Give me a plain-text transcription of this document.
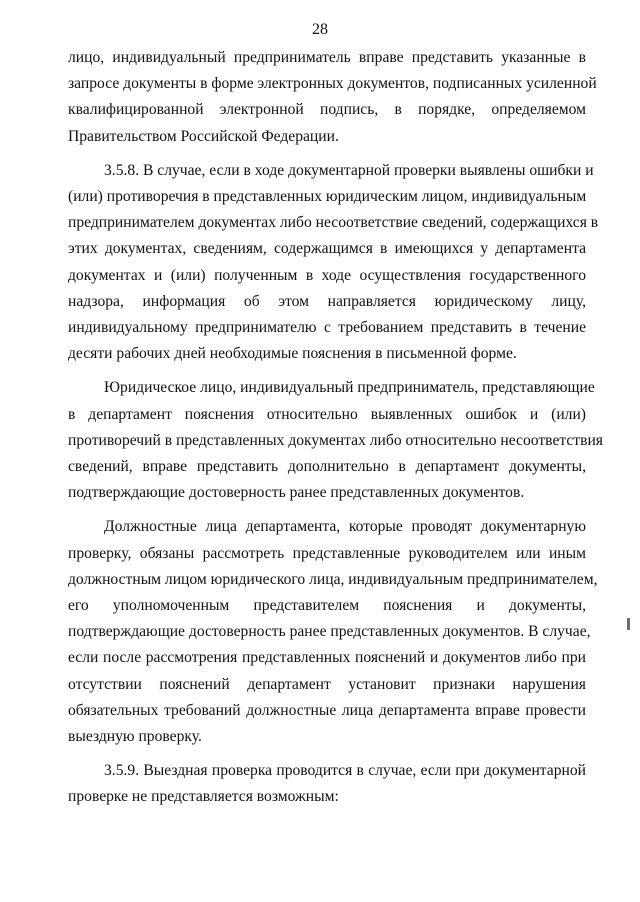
28
лицо, индивидуальный предприниматель вправе представить указанные в
запросе документы в форме электронных документов, подписанных усиленной
квалифицированной электронной подпись, в порядке, определяемом
Правительством Российской Федерации.
3.5.8. В случае, если в ходе документарной проверки выявлены ошибки и
(или) противоречия в представленных юридическим лицом, индивидуальным
предпринимателем документах либо несоответствие сведений, содержащихся в
этих документах, сведениям, содержащимся в имеющихся у департамента
документах и (или) полученным в ходе осуществления государственного
надзора, информация об этом направляется юридическому лицу,
индивидуальному предпринимателю с требованием представить в течение
десяти рабочих дней необходимые пояснения в письменной форме.
Юридическое лицо, индивидуальный предприниматель, представляющие
в департамент пояснения относительно выявленных ошибок и (или)
противоречий в представленных документах либо относительно несоответствия
сведений, вправе представить дополнительно в департамент документы,
подтверждающие достоверность ранее представленных документов.
Должностные лица департамента, которые проводят документарную
проверку, обязаны рассмотреть представленные руководителем или иным
должностным лицом юридического лица, индивидуальным предпринимателем,
его уполномоченным представителем пояснения и документы,
подтверждающие достоверность ранее представленных документов. В случае,
если после рассмотрения представленных пояснений и документов либо при
отсутствии пояснений департамент установит признаки нарушения
обязательных требований должностные лица департамента вправе провести
выездную проверку.
3.5.9. Выездная проверка проводится в случае, если при документарной
проверке не представляется возможным:
